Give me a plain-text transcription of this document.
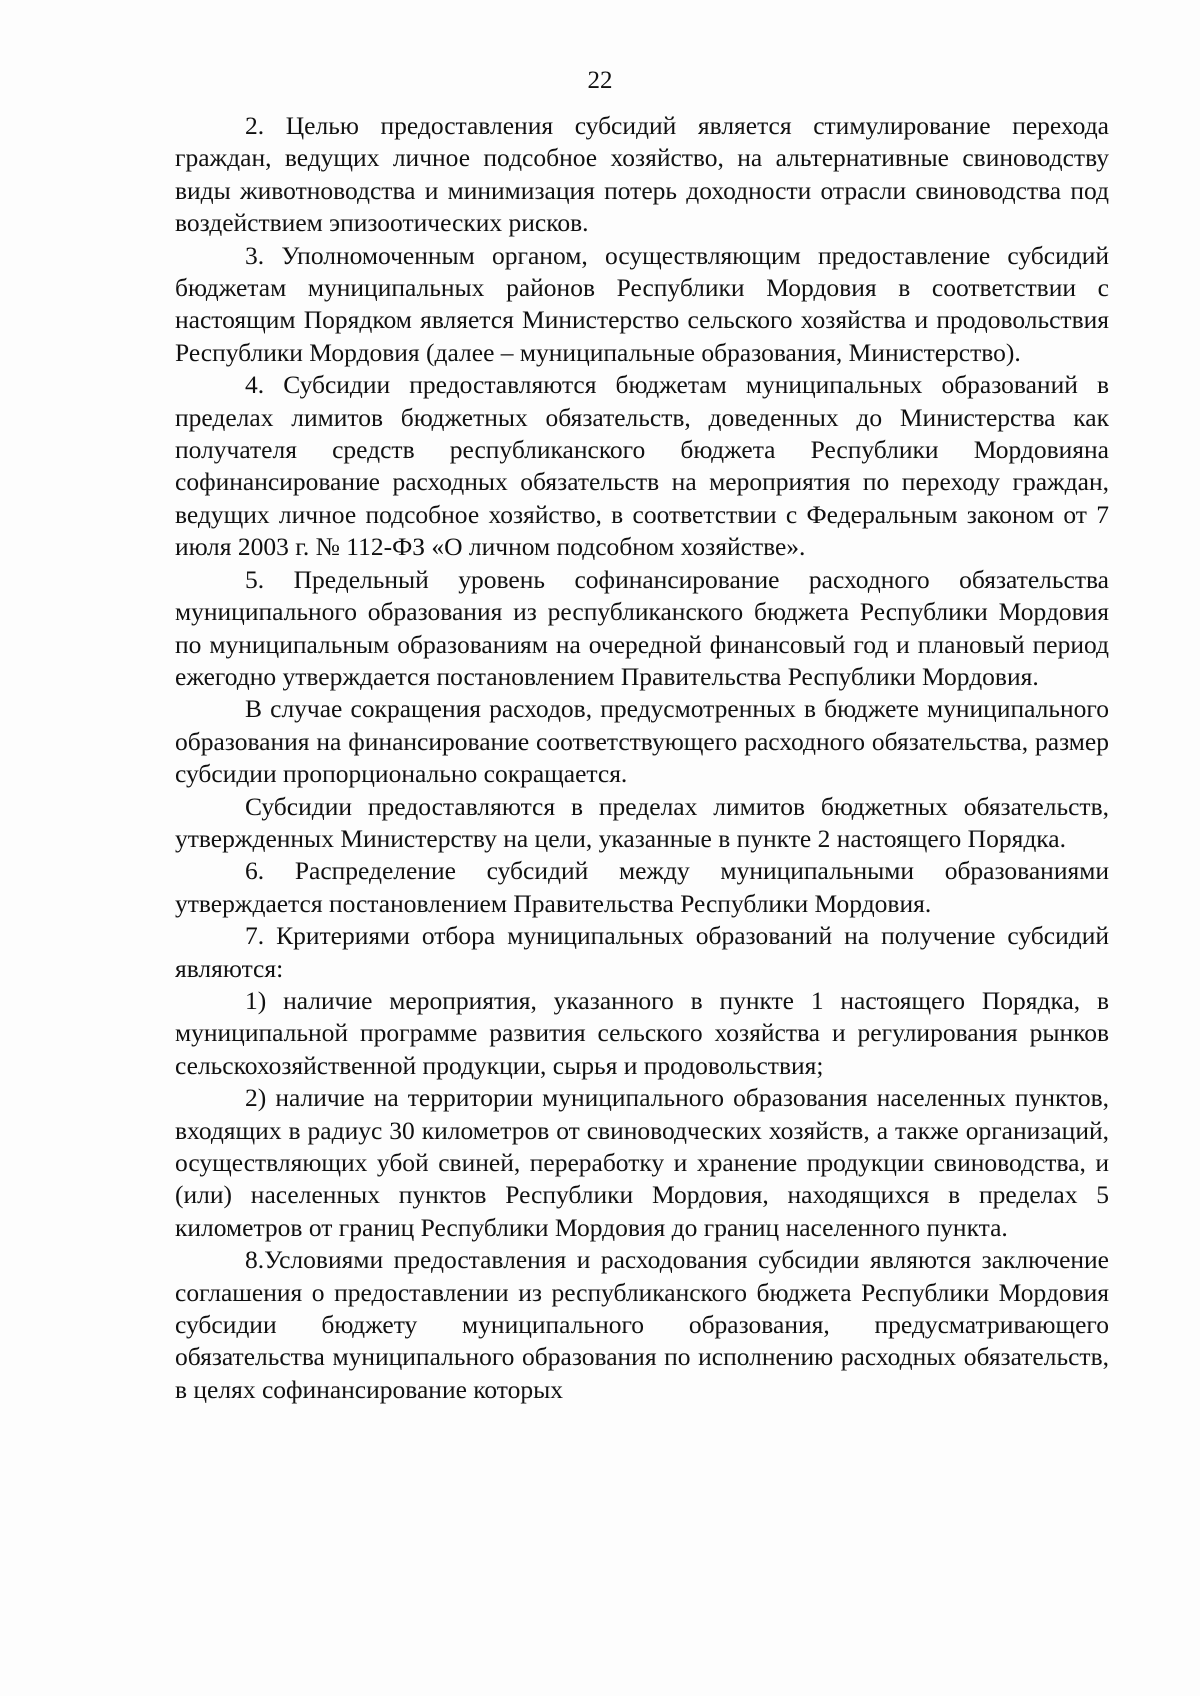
22

2. Целью предоставления субсидий является стимулирование перехода граждан, ведущих личное подсобное хозяйство, на альтернативные свиноводству виды животноводства и минимизация потерь доходности отрасли свиноводства под воздействием эпизоотических рисков.

3. Уполномоченным органом, осуществляющим предоставление субсидий бюджетам муниципальных районов Республики Мордовия в соответствии с настоящим Порядком является Министерство сельского хозяйства и продовольствия Республики Мордовия (далее – муниципальные образования, Министерство).

4. Субсидии предоставляются бюджетам муниципальных образований в пределах лимитов бюджетных обязательств, доведенных до Министерства как получателя средств республиканского бюджета Республики Мордовияна софинансирование расходных обязательств на мероприятия по переходу граждан, ведущих личное подсобное хозяйство, в соответствии с Федеральным законом от 7 июля 2003 г. № 112-ФЗ «О личном подсобном хозяйстве».

5. Предельный уровень софинансирование расходного обязательства муниципального образования из республиканского бюджета Республики Мордовия по муниципальным образованиям на очередной финансовый год и плановый период ежегодно утверждается постановлением Правительства Республики Мордовия.

В случае сокращения расходов, предусмотренных в бюджете муниципального образования на финансирование соответствующего расходного обязательства, размер субсидии пропорционально сокращается.

Субсидии предоставляются в пределах лимитов бюджетных обязательств, утвержденных Министерству на цели, указанные в пункте 2 настоящего Порядка.

6. Распределение субсидий между муниципальными образованиями утверждается постановлением Правительства Республики Мордовия.

7. Критериями отбора муниципальных образований на получение субсидий являются:

1) наличие мероприятия, указанного в пункте 1 настоящего Порядка, в муниципальной программе развития сельского хозяйства и регулирования рынков сельскохозяйственной продукции, сырья и продовольствия;

2) наличие на территории муниципального образования населенных пунктов, входящих в радиус 30 километров от свиноводческих хозяйств, а также организаций, осуществляющих убой свиней, переработку и хранение продукции свиноводства, и (или) населенных пунктов Республики Мордовия, находящихся в пределах 5 километров от границ Республики Мордовия до границ населенного пункта.

8.Условиями предоставления и расходования субсидии являются заключение соглашения о предоставлении из республиканского бюджета Республики Мордовия субсидии бюджету муниципального образования, предусматривающего обязательства муниципального образования по исполнению расходных обязательств, в целях софинансирование которых
